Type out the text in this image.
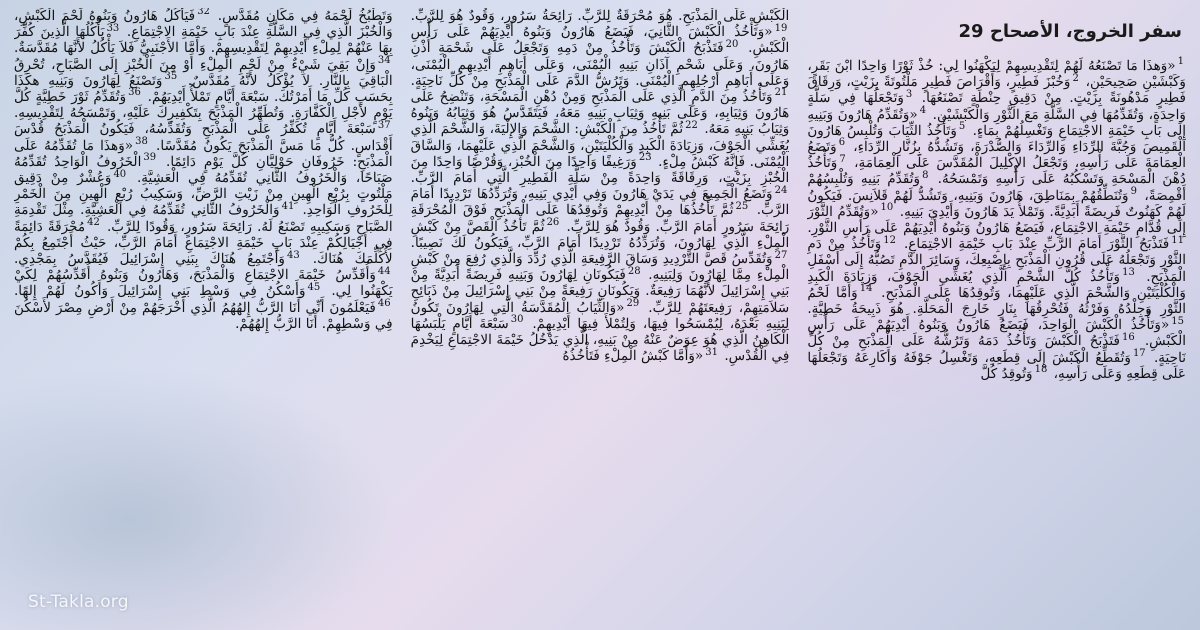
سفر الخروج، الأصحاح 29
$^1$«وَهذَا مَا تَصْنَعُهُ لَهُمْ لِتَقْدِيسِهِمْ لِيَكْهَنُوا لِي: خُذْ ثَوْرًا وَاحِدًا ابْنَ بَقَرٍ، وَكَبْشَيْنِ صَحِيحَيْنِ، $^2$وَخُبْزَ فَطِيرٍ، وَأَقْرَاصَ فَطِيرٍ مَلْتُوتَةً بِزَيْتٍ، وَرِقَاقَ فَطِيرٍ مَدْهُونَةً بِزَيْتٍ. مِنْ دَقِيقِ حِنْطَةٍ تَصْنَعُهَا. $^3$وَتَجْعَلُهَا فِي سَلَّةٍ وَاحِدَةٍ، وَتُقَدِّمُهَا فِي السَّلَّةِ مَعَ الثَّوْرِ وَالْكَبْشَيْنِ. $^4$«وَتُقَدِّمُ هَارُونَ وَبَنِيهِ إِلَى بَابِ خَيْمَةِ الاجْتِمَاعِ وَتَغْسِلُهُمْ بِمَاءٍ. $^5$وَتَأْخُذُ الثِّيَابَ وَتُلْبِسُ هَارُونَ الْقَمِيصَ وَجُبَّةَ الرِّدَاءِ وَالرِّدَاءَ وَالصُّدْرَةَ، وَتَشُدُّهُ بِزُنَّارِ الرِّدَاءِ، $^6$وَتَضَعُ الْعِمَامَةَ عَلَى رَأْسِهِ، وَتَجْعَلُ الإِكْلِيلَ الْمُقَدَّسَ عَلَى الْعِمَامَةِ، $^7$وَتَأْخُذُ دُهْنَ الْمَسْحَةِ وَتَسْكُبُهُ عَلَى رَأْسِهِ وَتَمْسَحُهُ. $^8$وَتُقَدِّمُ بَنِيهِ وَتُلْبِسُهُمْ أَقْمِصَةً، $^9$وَتُنَطِّقُهُمْ بِمَنَاطِقَ، هَارُونَ وَبَنِيهِ، وَتَشُدُّ لَهُمْ قَلاَنِسَ. فَيَكُونُ لَهُمْ كَهَنُوتٌ فَرِيضَةً أَبَدِيَّةً. وَتَمْلأُ يَدَ هَارُونَ وَأَيْدِيَ بَنِيهِ. $^{10}$«وَتُقَدِّمُ الثَّوْرَ إِلَى قُدَّامِ خَيْمَةِ الاجْتِمَاعِ، فَيَضَعُ هَارُونُ وَبَنُوهُ أَيْدِيَهُمْ عَلَى رَأْسِ الثَّوْرِ. $^{11}$فَتَذْبَحُ الثَّوْرَ أَمَامَ الرَّبِّ عِنْدَ بَابِ خَيْمَةِ الاجْتِمَاعِ. $^{12}$وَتَأْخُذُ مِنْ دَمِ الثَّوْرِ وَتَجْعَلُهُ عَلَى قُرُونِ الْمَذْبَحِ بِإِصْبِعِكَ، وَسَائِرَ الدَّمِ تَصُبُّهُ إِلَى أَسْفَلِ الْمَذْبَحِ. $^{13}$وَتَأْخُذُ كُلَّ الشَّحْمِ الَّذِي يُغَشِّي الْجَوْفَ، وَزِيَادَةَ الْكَبِدِ وَالْكُلْيَتَيْنِ وَالشَّحْمَ الَّذِي عَلَيْهِمَا، وَتُوقِدُهَا عَلَى الْمَذْبَحِ. $^{14}$وَأَمَّا لَحْمُ الثَّوْرِ وَجِلْدُهُ وَفَرْثُهُ فَتُحْرِقُهَا بِنَارٍ خَارِجَ الْمَحَلَّةِ. هُوَ ذَبِيحَةُ خَطِيَّةٍ. $^{15}$«وَتَأْخُذُ الْكَبْشَ الْوَاحِدَ، فَيَضَعُ هَارُونُ وَبَنُوهُ أَيْدِيَهُمْ عَلَى رَأْسِ الْكَبْشِ. $^{16}$فَتَذْبَحُ الْكَبْشَ وَتَأْخُذُ دَمَهُ وَتَرُشُّهُ عَلَى الْمَذْبَحِ مِنْ كُلِّ نَاحِيَةٍ. $^{17}$وَتُقَطِّعُ الْكَبْشَ إِلَى قِطَعِهِ، وَتَغْسِلُ جَوْفَهُ وَأَكَارِعَهُ وَتَجْعَلُهَا عَلَى قِطَعِهِ وَعَلَى رَأْسِهِ، $^{18}$وَتُوقِدُ كُلَّ
الْكَبْشِ عَلَى الْمَذْبَحِ. هُوَ مُحْرَقَةٌ لِلرَّبِّ. رَائِحَةُ سَرُورٍ، وَقُودٌ هُوَ لِلرَّبِّ. $^{19}$«وَتَأْخُذُ الْكَبْشَ الثَّانِيَ، فَيَضَعُ هَارُونُ وَبَنُوهُ أَيْدِيَهُمْ عَلَى رَأْسِ الْكَبْشِ. $^{20}$فَتَذْبَحُ الْكَبْشَ وَتَأْخُذُ مِنْ دَمِهِ وَتَجْعَلُ عَلَى شَحْمَةِ أُذْنِ هَارُونَ، وَعَلَى شَحْمِ آذَانِ بَنِيهِ الْيُمْنَى، وَعَلَى أَبَاهِمِ أَيْدِيهِمِ الْيُمْنَى، وَعَلَى أَبَاهِمِ أَرْجُلِهِمِ الْيُمْنَى. وَتَرُشُّ الدَّمَ عَلَى الْمَذْبَحِ مِنْ كُلِّ نَاحِيَةٍ. $^{21}$وَتَأْخُذُ مِنَ الدَّمِ الَّذِي عَلَى الْمَذْبَحِ وَمِنْ دُهْنِ الْمَسْحَةِ، وَتَنْضِحُ عَلَى هَارُونَ وَثِيَابِهِ، وَعَلَى بَنِيهِ وَثِيَابِ بَنِيهِ مَعَهُ، فَيَتَقَدَّسُ هُوَ وَثِيَابُهُ وَبَنُوهُ وَثِيَابُ بَنِيهِ مَعَهُ. $^{22}$ثُمَّ تَأْخُذُ مِنَ الْكَبْشِ: الشَّحْمَ وَالإِلْيَةَ، وَالشَّحْمَ الَّذِي يُغَشِّي الْجَوْفَ، وَزِيَادَةَ الْكَبِدِ وَالْكُلْيَتَيْنِ، وَالشَّحْمَ الَّذِي عَلَيْهِمَا، وَالسَّاقَ الْيُمْنَى. فَإِنَّهُ كَبْشُ مِلْءٍ. $^{23}$وَرَغِيفًا وَاحِدًا مِنَ الْخُبْزِ، وَقُرْصًا وَاحِدًا مِنَ الْخُبْزِ بِزَيْتٍ، وَرِقَاقَةً وَاحِدَةً مِنْ سَلَّةِ الْفَطِيرِ الَّتِي أَمَامَ الرَّبِّ. $^{24}$وَتَضَعُ الْجَمِيعَ فِي يَدَيْ هَارُونَ وَفِي أَيْدِي بَنِيهِ، وَتُرَدِّدُهَا تَرْدِيدًا أَمَامَ الرَّبِّ. $^{25}$ثُمَّ تَأْخُذُهَا مِنْ أَيْدِيهِمْ وَتُوقِدُهَا عَلَى الْمَذْبَحِ فَوْقَ الْمُحْرَقَةِ رَائِحَةَ سَرُورٍ أَمَامَ الرَّبِّ. وَقُودٌ هُوَ لِلرَّبِّ. $^{26}$ثُمَّ تَأْخُذُ الْقَصَّ مِنْ كَبْشِ الْمِلْءِ الَّذِي لِهَارُونَ، وَتُرَدِّدُهُ تَرْدِيدًا أَمَامَ الرَّبِّ، فَيَكُونُ لَكَ نَصِيبًا. $^{27}$وَتُقَدِّسُ قَصَّ التَّرْدِيدِ وَسَاقَ الرَّفِيعَةِ الَّذِي رُدِّدَ وَالَّذِي رُفِعَ مِنْ كَبْشِ الْمِلْءِ مِمَّا لِهَارُونَ وَلِبَنِيهِ. $^{28}$فَيَكُونَانِ لِهَارُونَ وَبَنِيهِ فَرِيضَةً أَبَدِيَّةً مِنْ بَنِي إِسْرَائِيلَ لأَنَّهُمَا رَفِيعَةٌ. وَيَكُونَانِ رَفِيعَةً مِنْ بَنِي إِسْرَائِيلَ مِنْ ذَبَائِحِ سَلاَمَتِهِمْ، رَفِيعَتَهُمْ لِلرَّبِّ. $^{29}$«وَالثِّيَابُ الْمُقَدَّسَةُ الَّتِي لِهَارُونَ تَكُونُ لِبَنِيهِ بَعْدَهُ، لِيُمْسَحُوا فِيهَا، وَلِتُمْلأَ فِيهَا أَيْدِيهِمْ. $^{30}$سَبْعَةَ أَيَّامٍ يَلْبَسُهَا الْكَاهِنُ الَّذِي هُوَ عِوَضٌ عَنْهُ مِنْ بَنِيهِ، الَّذِي يَدْخُلُ خَيْمَةَ الاجْتِمَاعِ لِيَخْدِمَ فِي الْقُدْسِ. $^{31}$«وَأَمَّا كَبْشُ الْمِلْءِ فَتَأْخُذُهُ
وَتَطْبُخُ لَحْمَهُ فِي مَكَانٍ مُقَدَّسٍ. $^{32}$فَيَأْكُلُ هَارُونُ وَبَنُوهُ لَحْمَ الْكَبْشِ، وَالْخُبْزَ الَّذِي فِي السَّلَّةِ عِنْدَ بَابِ خَيْمَةِ الاجْتِمَاعِ. $^{33}$يَأْكُلُهَا الَّذِينَ كُفِّرَ بِهَا عَنْهُمْ لِمِلْءِ أَيْدِيهِمْ لِتَقْدِيسِهِمْ. وَأَمَّا الأَجْنَبِيُّ فَلاَ يَأْكُلُ لأَنَّهَا مُقَدَّسَةٌ. $^{34}$وَإِنْ بَقِيَ شَيْءٌ مِنْ لَحْمِ الْمِلْءِ أَوْ مِنَ الْخُبْزِ إِلَى الصَّبَاحِ، تُحْرِقُ الْبَاقِيَ بِالنَّارِ. لاَ يُؤْكَلُ لأَنَّهُ مُقَدَّسٌ. $^{35}$وَتَصْنَعُ لِهَارُونَ وَبَنِيهِ هكَذَا بِحَسَبِ كُلِّ مَا أَمَرْتُكَ. سَبْعَةَ أَيَّامٍ تَمْلأُ أَيْدِيَهُمْ. $^{36}$وَتُقَدِّمُ ثَوْرَ خَطِيَّةٍ كُلَّ يَوْمٍ لأَجْلِ الْكَفَّارَةِ. وَتُطَهِّرُ الْمَذْبَحَ بِتَكْفِيرِكَ عَلَيْهِ، وَتَمْسَحُهُ لِتَقْدِيسِهِ. $^{37}$سَبْعَةَ أَيَّامٍ تُكَفِّرُ عَلَى الْمَذْبَحِ وَتُقَدِّسُهُ، فَيَكُونُ الْمَذْبَحُ قُدْسَ أَقْدَاسٍ. كُلُّ مَا مَسَّ الْمَذْبَحَ يَكُونُ مُقَدَّسًا. $^{38}$«وَهذَا مَا تُقَدِّمُهُ عَلَى الْمَذْبَحِ: خَرُوفَانِ حَوْلِيَّانِ كُلَّ يَوْمٍ دَائِمًا. $^{39}$الْخَرُوفُ الْوَاحِدُ تُقَدِّمُهُ صَبَاحًا، وَالْخَرُوفُ الثَّانِي تُقَدِّمُهُ فِي الْعَشِيَّةِ. $^{40}$وَعُشْرٌ مِنْ دَقِيق مَلْتُوتٍ بِرُبْعِ الْهِينِ مِنْ زَيْتِ الرَّضِّ، وَسَكِيبُ رُبْعِ الْهِينِ مِنَ الْخَمْرِ لِلْخَرُوفِ الْوَاحِدِ. $^{41}$وَالْخَرُوفُ الثَّانِي تُقَدِّمُهُ فِي الْعَشِيَّةِ. مِثْلَ تَقْدِمَةِ الصَّبَاحِ وَسَكِيبِهِ تَصْنَعُ لَهُ. رَائِحَةَ سَرُورٍ، وَقُودًا لِلرَّبِّ. $^{42}$مُحْرَقَةً دَائِمَةً فِي أَجْيَالِكُمْ عِنْدَ بَابِ خَيْمَةِ الاجْتِمَاعِ أَمَامَ الرَّبِّ، حَيْثُ أَجْتَمِعُ بِكُمْ لأُكَلِّمَكَ هُنَاكَ. $^{43}$وَأَجْتَمِعُ هُنَاكَ بِبَنِي إِسْرَائِيلَ فَيُقَدَّسُ بِمَجْدِي. $^{44}$وَأُقَدِّسُ خَيْمَةَ الاجْتِمَاعِ وَالْمَذْبَحَ، وَهَارُونُ وَبَنُوهُ أُقَدِّسُهُمْ لِكَيْ يَكْهَنُوا لِي. $^{45}$وَأَسْكُنُ فِي وَسْطِ بَنِي إِسْرَائِيلَ وَأَكُونُ لَهُمْ إِلهًا. $^{46}$فَيَعْلَمُونَ أَنِّي أَنَا الرَّبُّ إِلهُهُمُ الَّذِي أَخْرَجَهُمْ مِنْ أَرْضِ مِصْرَ لأَسْكُنَ فِي وَسْطِهِمْ. أَنَا الرَّبُّ إِلهُهُمْ.
St-Takla.org
